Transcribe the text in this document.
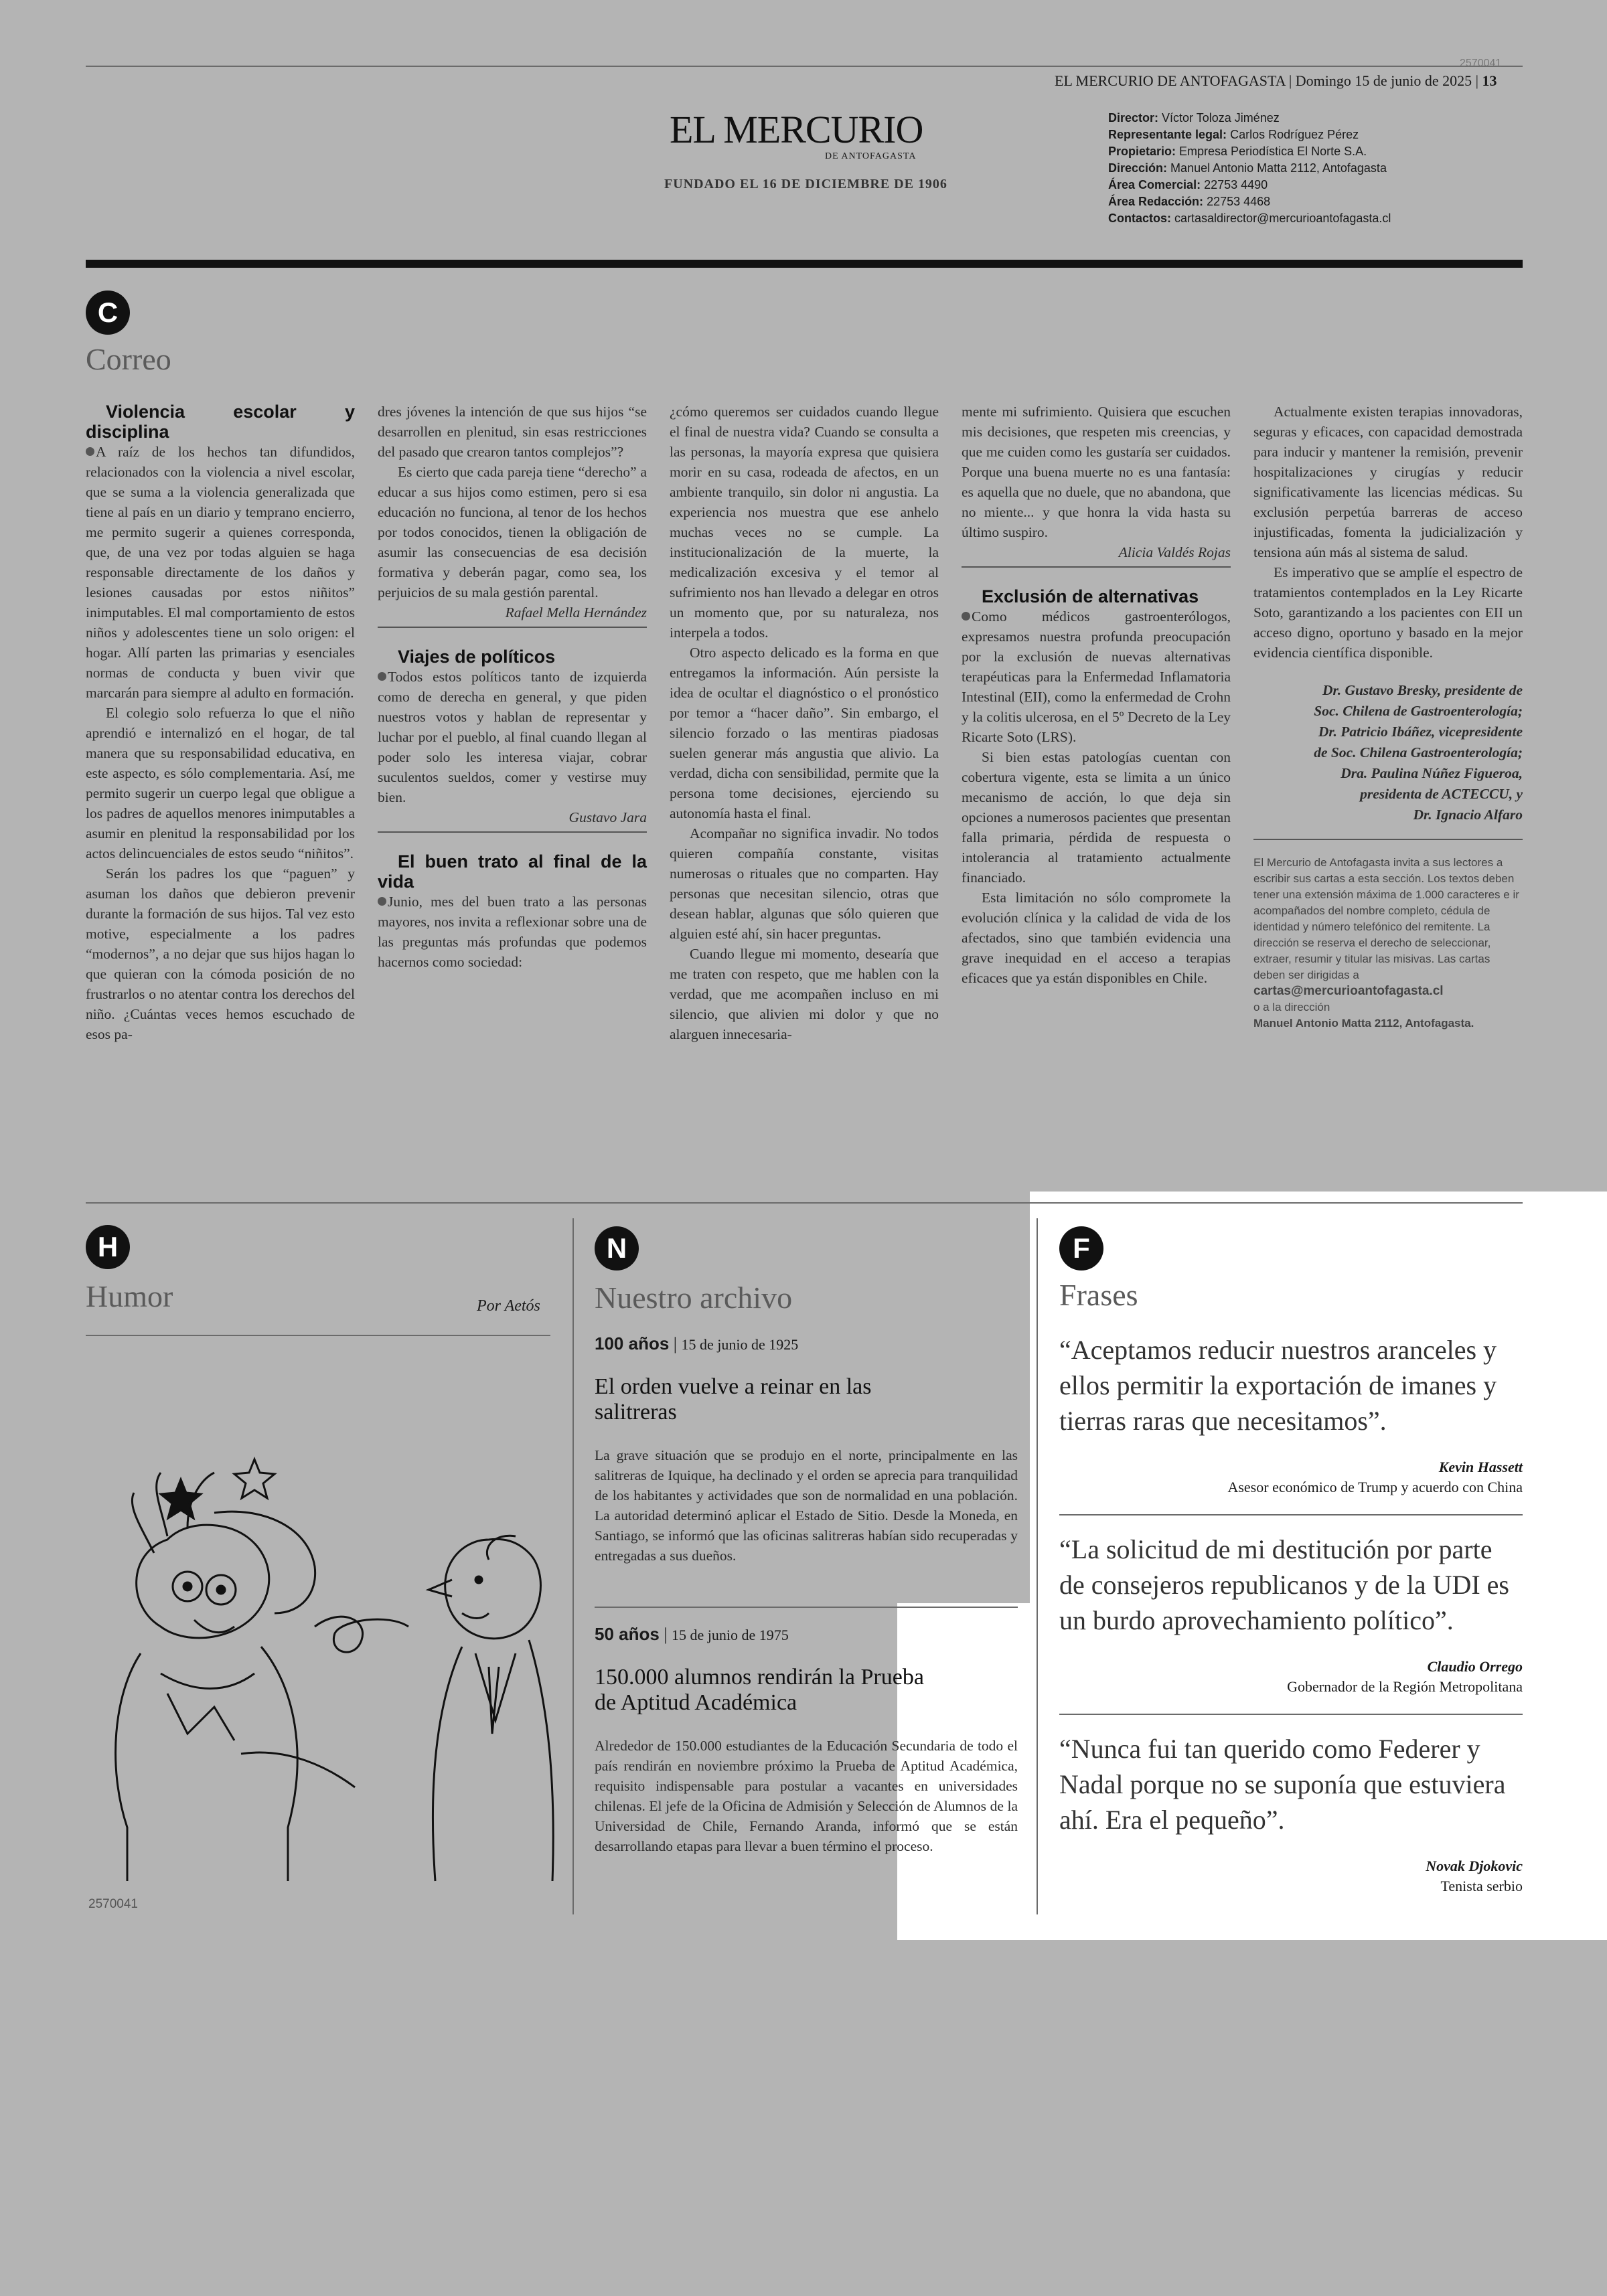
2570041
EL MERCURIO DE ANTOFAGASTA | Domingo 15 de junio de 2025 | 13
EL MERCURIO
DE ANTOFAGASTA
FUNDADO EL 16 DE DICIEMBRE DE 1906
Director: Víctor Toloza Jiménez
Representante legal: Carlos Rodríguez Pérez
Propietario: Empresa Periodística El Norte S.A.
Dirección: Manuel Antonio Matta 2112, Antofagasta
Área Comercial: 22753 4490
Área Redacción: 22753 4468
Contactos: cartasaldirector@mercurioantofagasta.cl
C
Correo

Violencia escolar y disciplina

A raíz de los hechos tan difundidos, relacionados con la violencia a nivel escolar, que se suma a la violencia generalizada que tiene al país en un diario y temprano encierro, me permito sugerir a quienes corresponda, que, de una vez por todas alguien se haga responsable directamente de los daños y lesiones causadas por estos niñitos” inimputables. El mal comportamiento de estos niños y adolescentes tiene un solo origen: el hogar. Allí parten las primarias y esenciales normas de conducta y buen vivir que marcarán para siempre al adulto en formación.

El colegio solo refuerza lo que el niño aprendió e internalizó en el hogar, de tal manera que su responsabilidad educativa, en este aspecto, es sólo complementaria. Así, me permito sugerir un cuerpo legal que obligue a los padres de aquellos menores inimputables a asumir en plenitud la responsabilidad por los actos delincuenciales de estos seudo “niñitos”.

Serán los padres los que “paguen” y asuman los daños que debieron prevenir durante la formación de sus hijos. Tal vez esto motive, especialmente a los padres “modernos”, a no dejar que sus hijos hagan lo que quieran con la cómoda posición de no frustrarlos o no atentar contra los derechos del niño. ¿Cuántas veces hemos escuchado de esos pa-

dres jóvenes la intención de que sus hijos “se desarrollen en plenitud, sin esas restricciones del pasado que crearon tantos complejos”?

Es cierto que cada pareja tiene “derecho” a educar a sus hijos como estimen, pero si esa educación no funciona, al tenor de los hechos por todos conocidos, tienen la obligación de asumir las consecuencias de esa decisión formativa y deberán pagar, como sea, los perjuicios de su mala gestión parental.

Rafael Mella Hernández

Viajes de políticos

Todos estos políticos tanto de izquierda como de derecha en general, y que piden nuestros votos y hablan de representar y luchar por el pueblo, al final cuando llegan al poder solo les interesa viajar, cobrar suculentos sueldos, comer y vestirse muy bien.

Gustavo Jara

El buen trato al final de la vida

Junio, mes del buen trato a las personas mayores, nos invita a reflexionar sobre una de las preguntas más profundas que podemos hacernos como sociedad:

¿cómo queremos ser cuidados cuando llegue el final de nuestra vida? Cuando se consulta a las personas, la mayoría expresa que quisiera morir en su casa, rodeada de afectos, en un ambiente tranquilo, sin dolor ni angustia. La experiencia nos muestra que ese anhelo muchas veces no se cumple. La institucionalización de la muerte, la medicalización excesiva y el temor al sufrimiento nos han llevado a delegar en otros un momento que, por su naturaleza, nos interpela a todos.

Otro aspecto delicado es la forma en que entregamos la información. Aún persiste la idea de ocultar el diagnóstico o el pronóstico por temor a “hacer daño”. Sin embargo, el silencio forzado o las mentiras piadosas suelen generar más angustia que alivio. La verdad, dicha con sensibilidad, permite que la persona tome decisiones, ejerciendo su autonomía hasta el final.

Acompañar no significa invadir. No todos quieren compañía constante, visitas numerosas o rituales que no comparten. Hay personas que necesitan silencio, otras que desean hablar, algunas que sólo quieren que alguien esté ahí, sin hacer preguntas.

Cuando llegue mi momento, desearía que me traten con respeto, que me hablen con la verdad, que me acompañen incluso en mi silencio, que alivien mi dolor y que no alarguen innecesaria-

mente mi sufrimiento. Quisiera que escuchen mis decisiones, que respeten mis creencias, y que me cuiden como les gustaría ser cuidados. Porque una buena muerte no es una fantasía: es aquella que no duele, que no abandona, que no miente... y que honra la vida hasta su último suspiro.

Alicia Valdés Rojas

Exclusión de alternativas

Como médicos gastroenterólogos, expresamos nuestra profunda preocupación por la exclusión de nuevas alternativas terapéuticas para la Enfermedad Inflamatoria Intestinal (EII), como la enfermedad de Crohn y la colitis ulcerosa, en el 5º Decreto de la Ley Ricarte Soto (LRS).

Si bien estas patologías cuentan con cobertura vigente, esta se limita a un único mecanismo de acción, lo que deja sin opciones a numerosos pacientes que presentan falla primaria, pérdida de respuesta o intolerancia al tratamiento actualmente financiado.

Esta limitación no sólo compromete la evolución clínica y la calidad de vida de los afectados, sino que también evidencia una grave inequidad en el acceso a terapias eficaces que ya están disponibles en Chile.

Actualmente existen terapias innovadoras, seguras y eficaces, con capacidad demostrada para inducir y mantener la remisión, prevenir hospitalizaciones y cirugías y reducir significativamente las licencias médicas. Su exclusión perpetúa barreras de acceso injustificadas, fomenta la judicialización y tensiona aún más al sistema de salud.

Es imperativo que se amplíe el espectro de tratamientos contemplados en la Ley Ricarte Soto, garantizando a los pacientes con EII un acceso digno, oportuno y basado en la mejor evidencia científica disponible.

Dr. Gustavo Bresky, presidente de
Soc. Chilena de Gastroenterología;
Dr. Patricio Ibáñez, vicepresidente
de Soc. Chilena Gastroenterología;
Dra. Paulina Núñez Figueroa,
presidenta de ACTECCU, y
Dr. Ignacio Alfaro
El Mercurio de Antofagasta invita a sus lectores a escribir sus cartas a esta sección. Los textos deben tener una extensión máxima de 1.000 caracteres e ir acompañados del nombre completo, cédula de identidad y número telefónico del remitente. La dirección se reserva el derecho de seleccionar, extraer, resumir y titular las misivas. Las cartas deben ser dirigidas a
cartas@mercurioantofagasta.cl
o a la dirección
Manuel Antonio Matta 2112, Antofagasta.
H
Humor	Por Aetós
2570041
N
Nuestro archivo
100 años | 15 de junio de 1925
El orden vuelve a reinar en las salitreras
La grave situación que se produjo en el norte, principalmente en las salitreras de Iquique, ha declinado y el orden se aprecia para tranquilidad de los habitantes y actividades que son de normalidad en una población. La autoridad determinó aplicar el Estado de Sitio. Desde la Moneda, en Santiago, se informó que las oficinas salitreras habían sido recuperadas y entregadas a sus dueños.
50 años | 15 de junio de 1975
150.000 alumnos rendirán la Prueba de Aptitud Académica
Alrededor de 150.000 estudiantes de la Educación Secundaria de todo el país rendirán en noviembre próximo la Prueba de Aptitud Académica, requisito indispensable para postular a vacantes en universidades chilenas. El jefe de la Oficina de Admisión y Selección de Alumnos de la Universidad de Chile, Fernando Aranda, informó que se están desarrollando etapas para llevar a buen término el proceso.
F
Frases
“Aceptamos reducir nuestros aranceles y ellos permitir la exportación de imanes y tierras raras que necesitamos”.
Kevin Hassett
Asesor económico de Trump y acuerdo con China
“La solicitud de mi destitución por parte de consejeros republicanos y de la UDI es un burdo aprovechamiento político”.
Claudio Orrego
Gobernador de la Región Metropolitana
“Nunca fui tan querido como Federer y Nadal porque no se suponía que estuviera ahí. Era el pequeño”.
Novak Djokovic
Tenista serbio
